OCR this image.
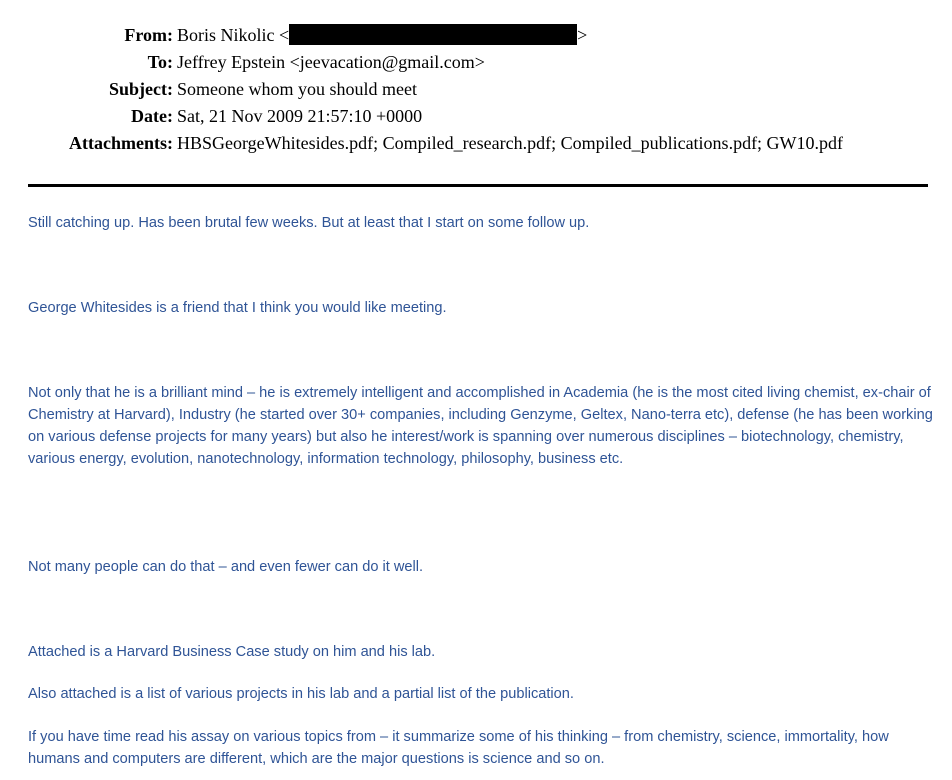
From: Boris Nikolic <	>
To: Jeffrey Epstein <jeevacation@gmail.com>
Subject: Someone whom you should meet
Date: Sat, 21 Nov 2009 21:57:10 +0000
Attachments: HBSGeorgeWhitesides.pdf; Compiled_research.pdf; Compiled_publications.pdf; GW10.pdf

Still catching up. Has been brutal few weeks. But at least that I start on some follow up.

George Whitesides is a friend that I think you would like meeting.

Not only that he is a brilliant mind – he is extremely intelligent and accomplished in Academia (he is the most cited living chemist, ex-chair of Chemistry at Harvard), Industry (he started over 30+ companies, including Genzyme, Geltex, Nano-terra etc), defense (he has been working on various defense projects for many years) but also he interest/work is spanning over numerous disciplines – biotechnology, chemistry, various energy, evolution, nanotechnology, information technology, philosophy, business etc.

Not many people can do that – and even fewer can do it well.

Attached is a Harvard Business Case study on him and his lab.

Also attached is a list of various projects in his lab and a partial list of the publication.

If you have time read his assay on various topics from – it summarize some of his thinking – from chemistry, science, immortality, how humans and computers are different, which are the major questions is science and so on.
